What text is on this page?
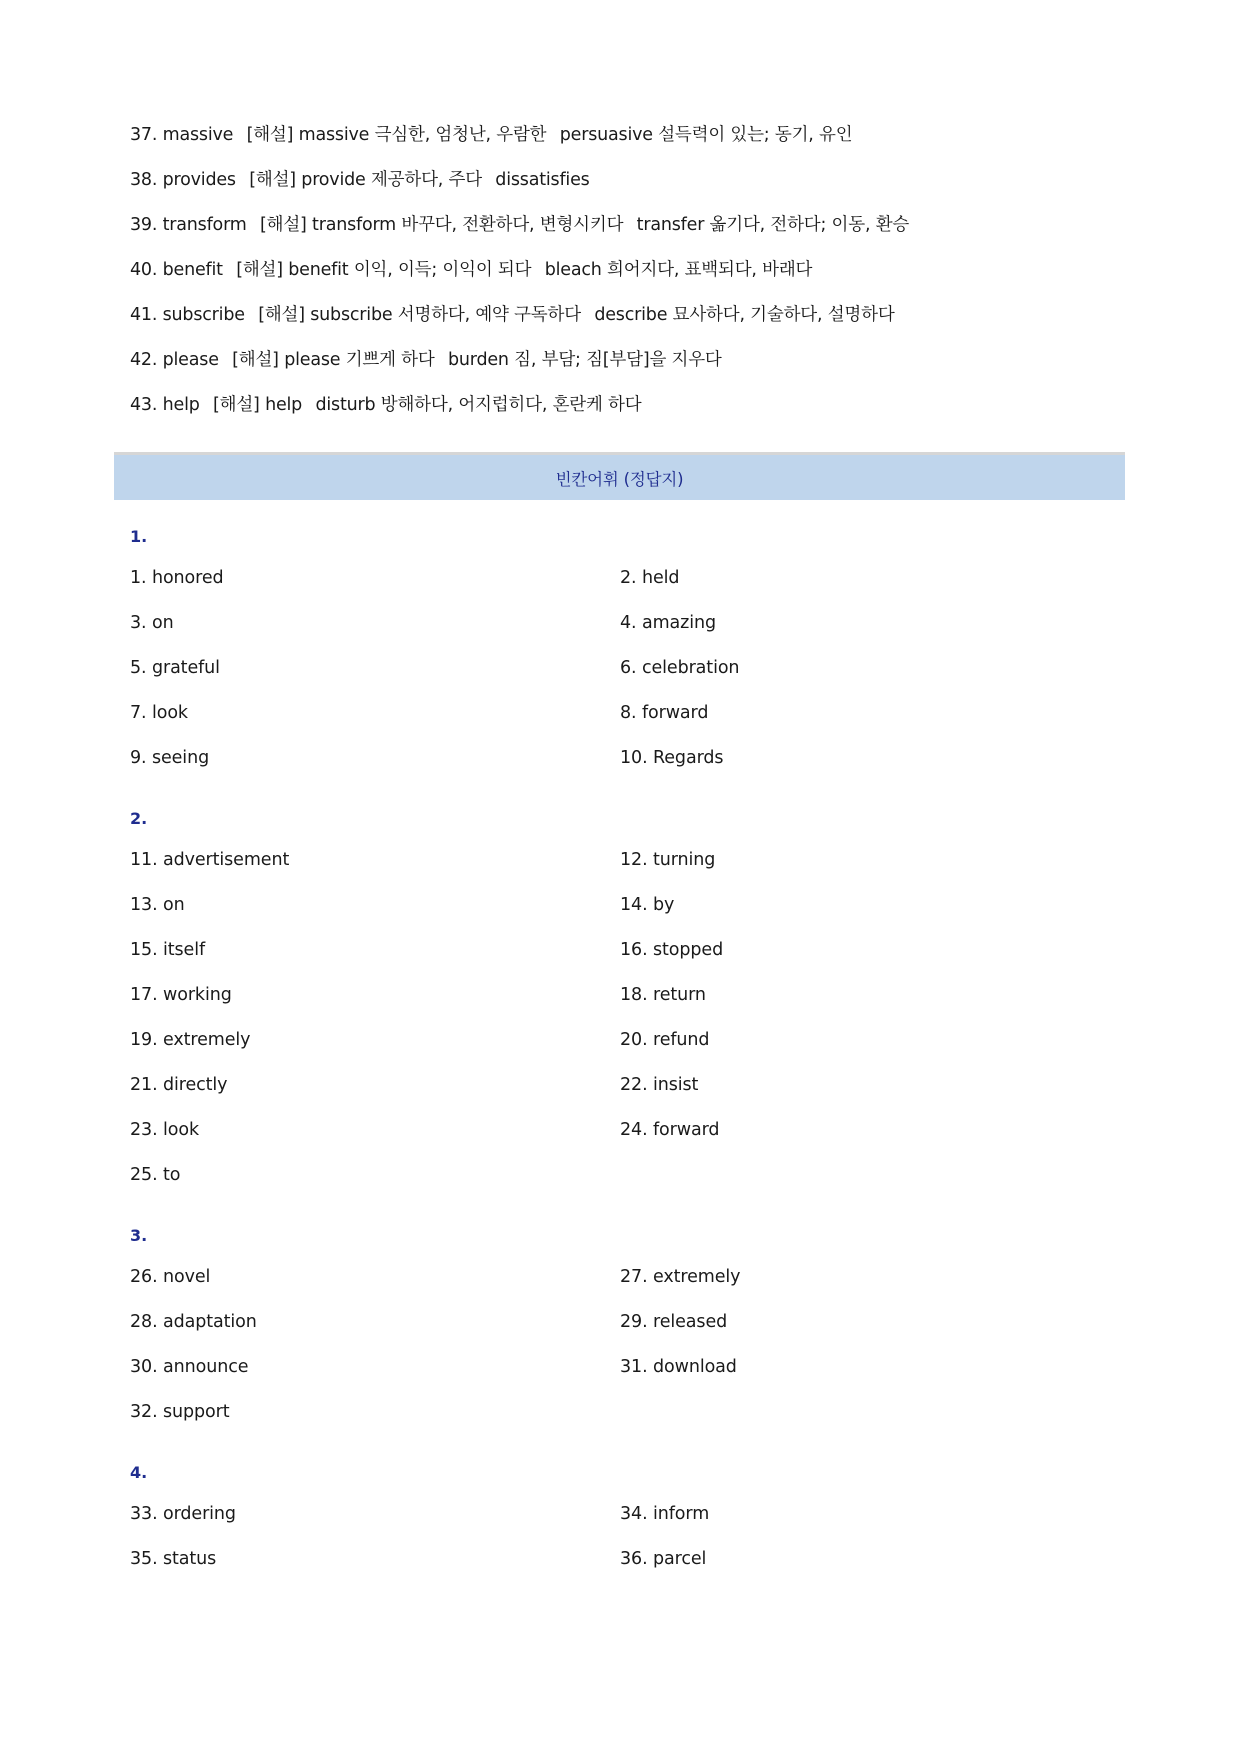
37. massive [해설] massive 극심한, 엄청난, 우람한 persuasive 설득력이 있는; 동기, 유인
38. provides [해설] provide 제공하다, 주다 dissatisfies
39. transform [해설] transform 바꾸다, 전환하다, 변형시키다 transfer 옮기다, 전하다; 이동, 환승
40. benefit [해설] benefit 이익, 이득; 이익이 되다 bleach 희어지다, 표백되다, 바래다
41. subscribe [해설] subscribe 서명하다, 예약 구독하다 describe 묘사하다, 기술하다, 설명하다
42. please [해설] please 기쁘게 하다 burden 짐, 부담; 짐[부담]을 지우다
43. help [해설] help disturb 방해하다, 어지럽히다, 혼란케 하다
빈칸어휘 (정답지)
1.
1. honored	2. held
3. on	4. amazing
5. grateful	6. celebration
7. look	8. forward
9. seeing	10. Regards
2.
11. advertisement	12. turning
13. on	14. by
15. itself	16. stopped
17. working	18. return
19. extremely	20. refund
21. directly	22. insist
23. look	24. forward
25. to
3.
26. novel	27. extremely
28. adaptation	29. released
30. announce	31. download
32. support
4.
33. ordering	34. inform
35. status	36. parcel
